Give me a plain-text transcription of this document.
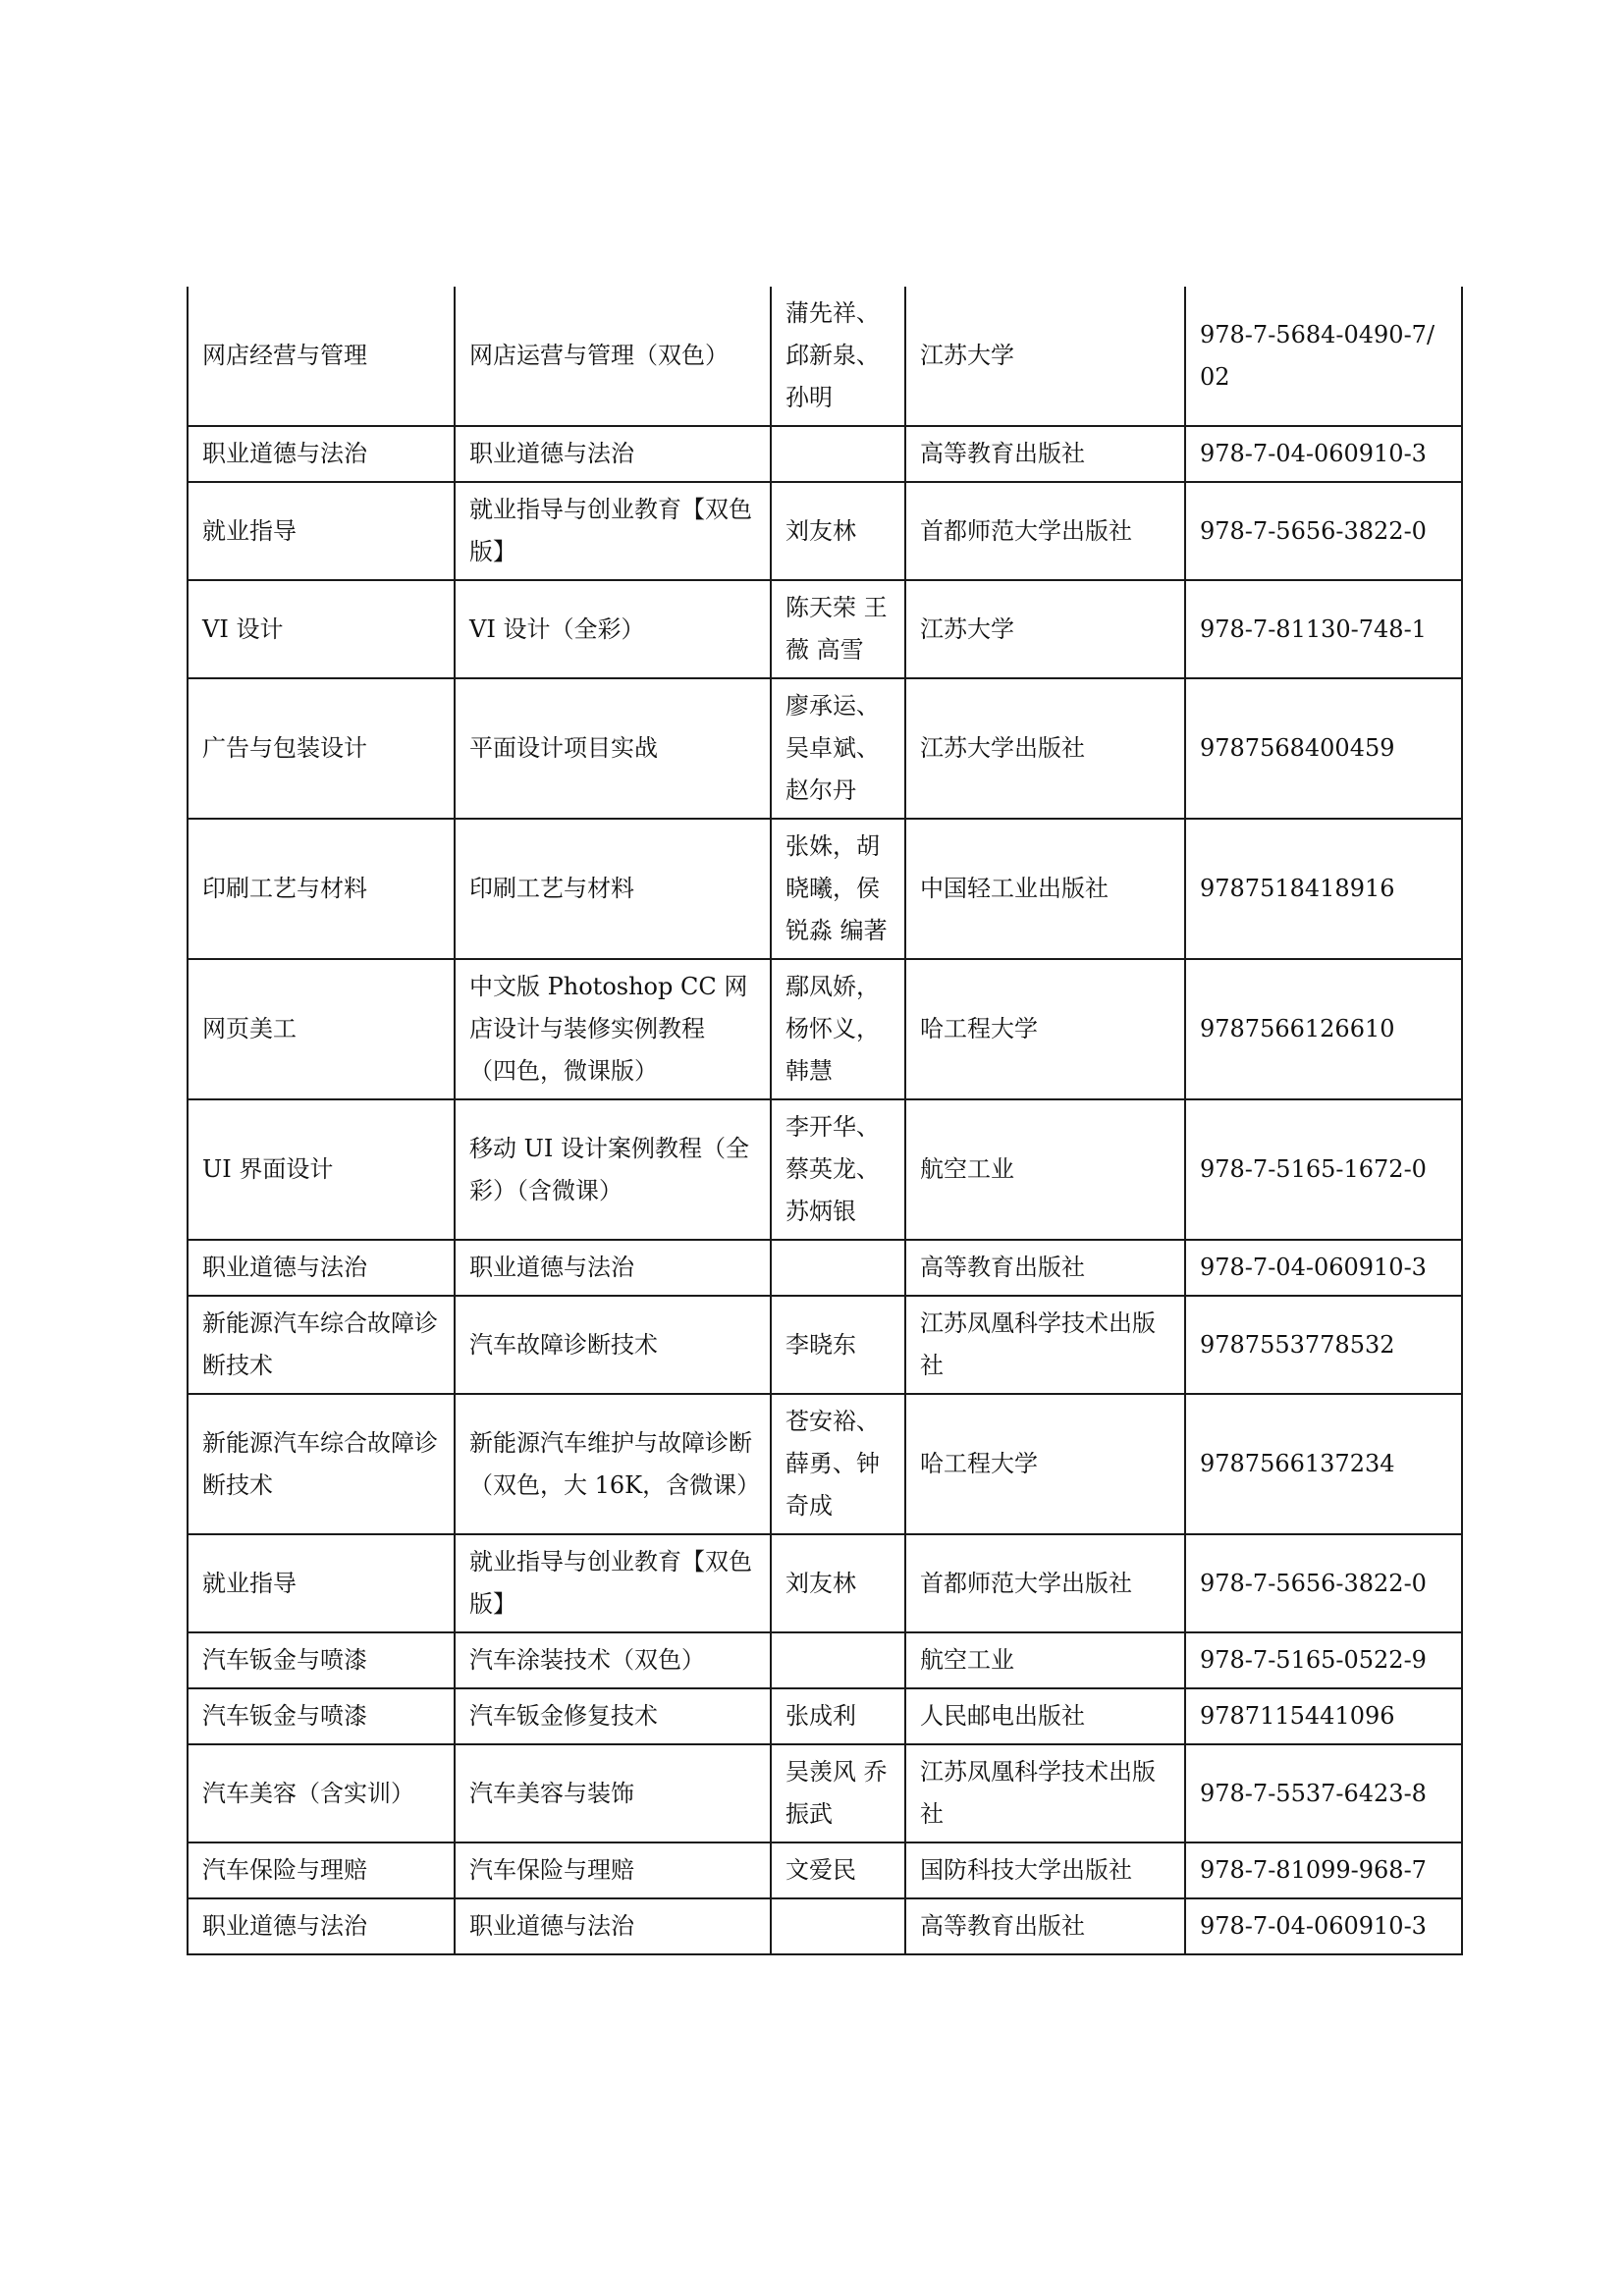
网店经营与管理	网店运营与管理（双色）	蒲先祥、邱新泉、孙明	江苏大学	978-7-5684-0490-7/02
职业道德与法治	职业道德与法治		高等教育出版社	978-7-04-060910-3
就业指导	就业指导与创业教育【双色版】	刘友林	首都师范大学出版社	978-7-5656-3822-0
VI 设计	VI 设计（全彩）	陈天荣 王薇 高雪	江苏大学	978-7-81130-748-1
广告与包装设计	平面设计项目实战	廖承运、吴卓斌、赵尔丹	江苏大学出版社	9787568400459
印刷工艺与材料	印刷工艺与材料	张姝，胡晓曦，侯锐淼 编著	中国轻工业出版社	9787518418916
网页美工	中文版 Photoshop CC 网店设计与装修实例教程 （四色，微课版）	鄢凤娇，杨怀义，韩慧	哈工程大学	9787566126610
UI 界面设计	移动 UI 设计案例教程（全彩）（含微课）	李开华、蔡英龙、苏炳银	航空工业	978-7-5165-1672-0
职业道德与法治	职业道德与法治		高等教育出版社	978-7-04-060910-3
新能源汽车综合故障诊断技术	汽车故障诊断技术	李晓东	江苏凤凰科学技术出版社	9787553778532
新能源汽车综合故障诊断技术	新能源汽车维护与故障诊断（双色，大 16K，含微课）	苍安裕、薛勇、钟奇成	哈工程大学	9787566137234
就业指导	就业指导与创业教育【双色版】	刘友林	首都师范大学出版社	978-7-5656-3822-0
汽车钣金与喷漆	汽车涂装技术（双色）		航空工业	978-7-5165-0522-9
汽车钣金与喷漆	汽车钣金修复技术	张成利	人民邮电出版社	9787115441096
汽车美容（含实训）	汽车美容与装饰	吴羡风 乔振武	江苏凤凰科学技术出版社	978-7-5537-6423-8
汽车保险与理赔	汽车保险与理赔	文爱民	国防科技大学出版社	978-7-81099-968-7
职业道德与法治	职业道德与法治		高等教育出版社	978-7-04-060910-3
